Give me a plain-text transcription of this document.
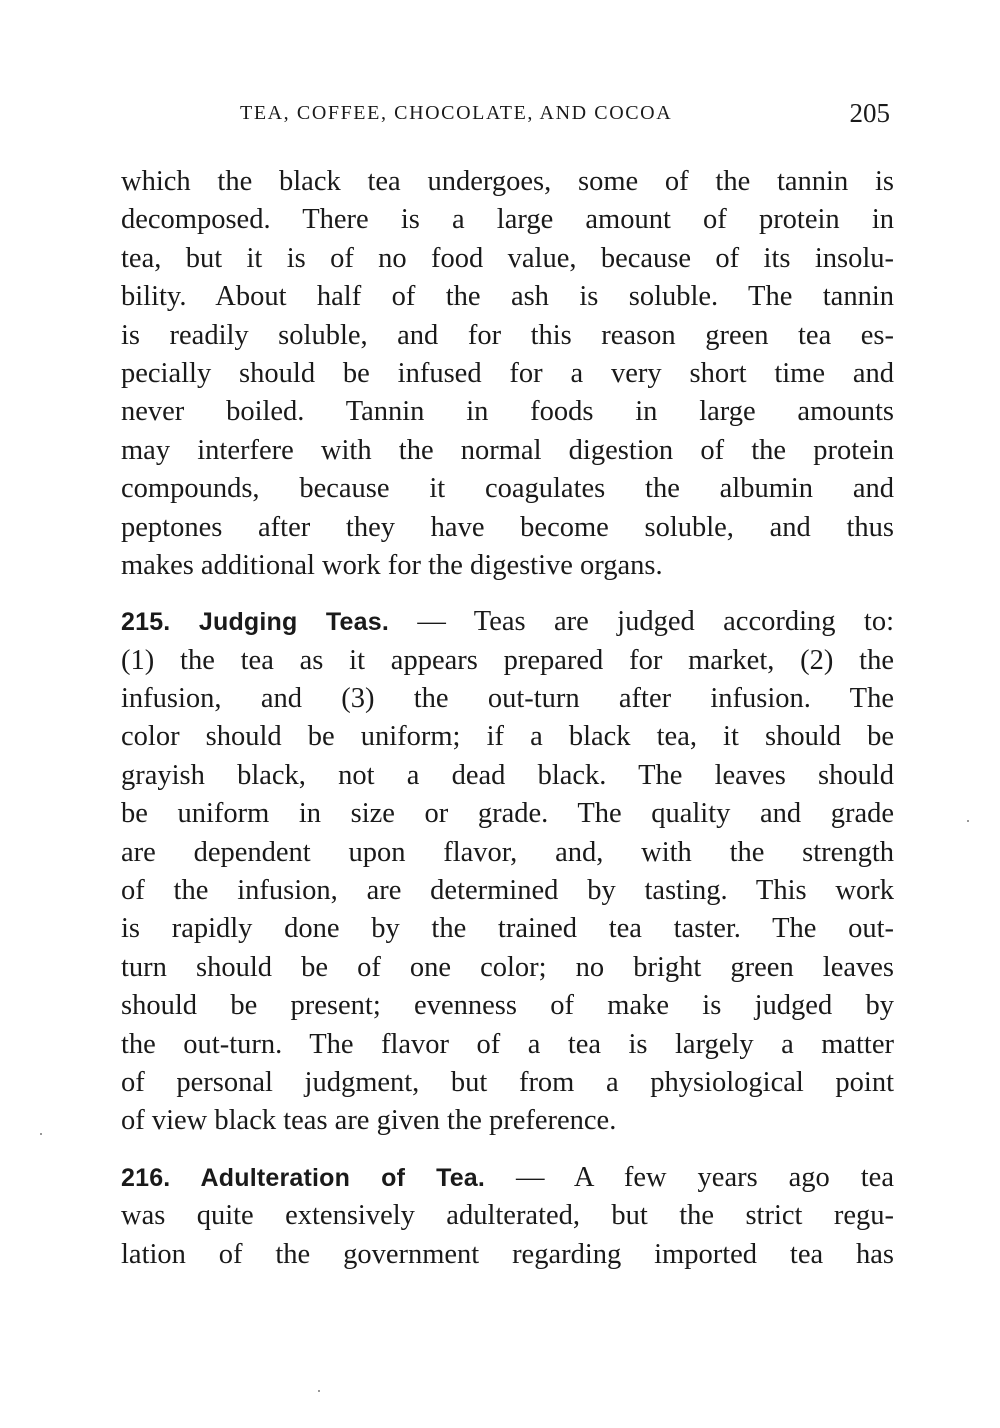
TEA, COFFEE, CHOCOLATE, AND COCOA	205
which the black tea undergoes, some of the tannin is
decomposed. There is a large amount of protein in
tea, but it is of no food value, because of its insolu-
bility. About half of the ash is soluble. The tannin
is readily soluble, and for this reason green tea es-
pecially should be infused for a very short time and
never boiled. Tannin in foods in large amounts
may interfere with the normal digestion of the protein
compounds, because it coagulates the albumin and
peptones after they have become soluble, and thus
makes additional work for the digestive organs.
215. Judging Teas. — Teas are judged according to:
(1) the tea as it appears prepared for market, (2) the
infusion, and (3) the out-turn after infusion. The
color should be uniform; if a black tea, it should be
grayish black, not a dead black. The leaves should
be uniform in size or grade. The quality and grade
are dependent upon flavor, and, with the strength
of the infusion, are determined by tasting. This work
is rapidly done by the trained tea taster. The out-
turn should be of one color; no bright green leaves
should be present; evenness of make is judged by
the out-turn. The flavor of a tea is largely a matter
of personal judgment, but from a physiological point
of view black teas are given the preference.
216. Adulteration of Tea. — A few years ago tea
was quite extensively adulterated, but the strict regu-
lation of the government regarding imported tea has
